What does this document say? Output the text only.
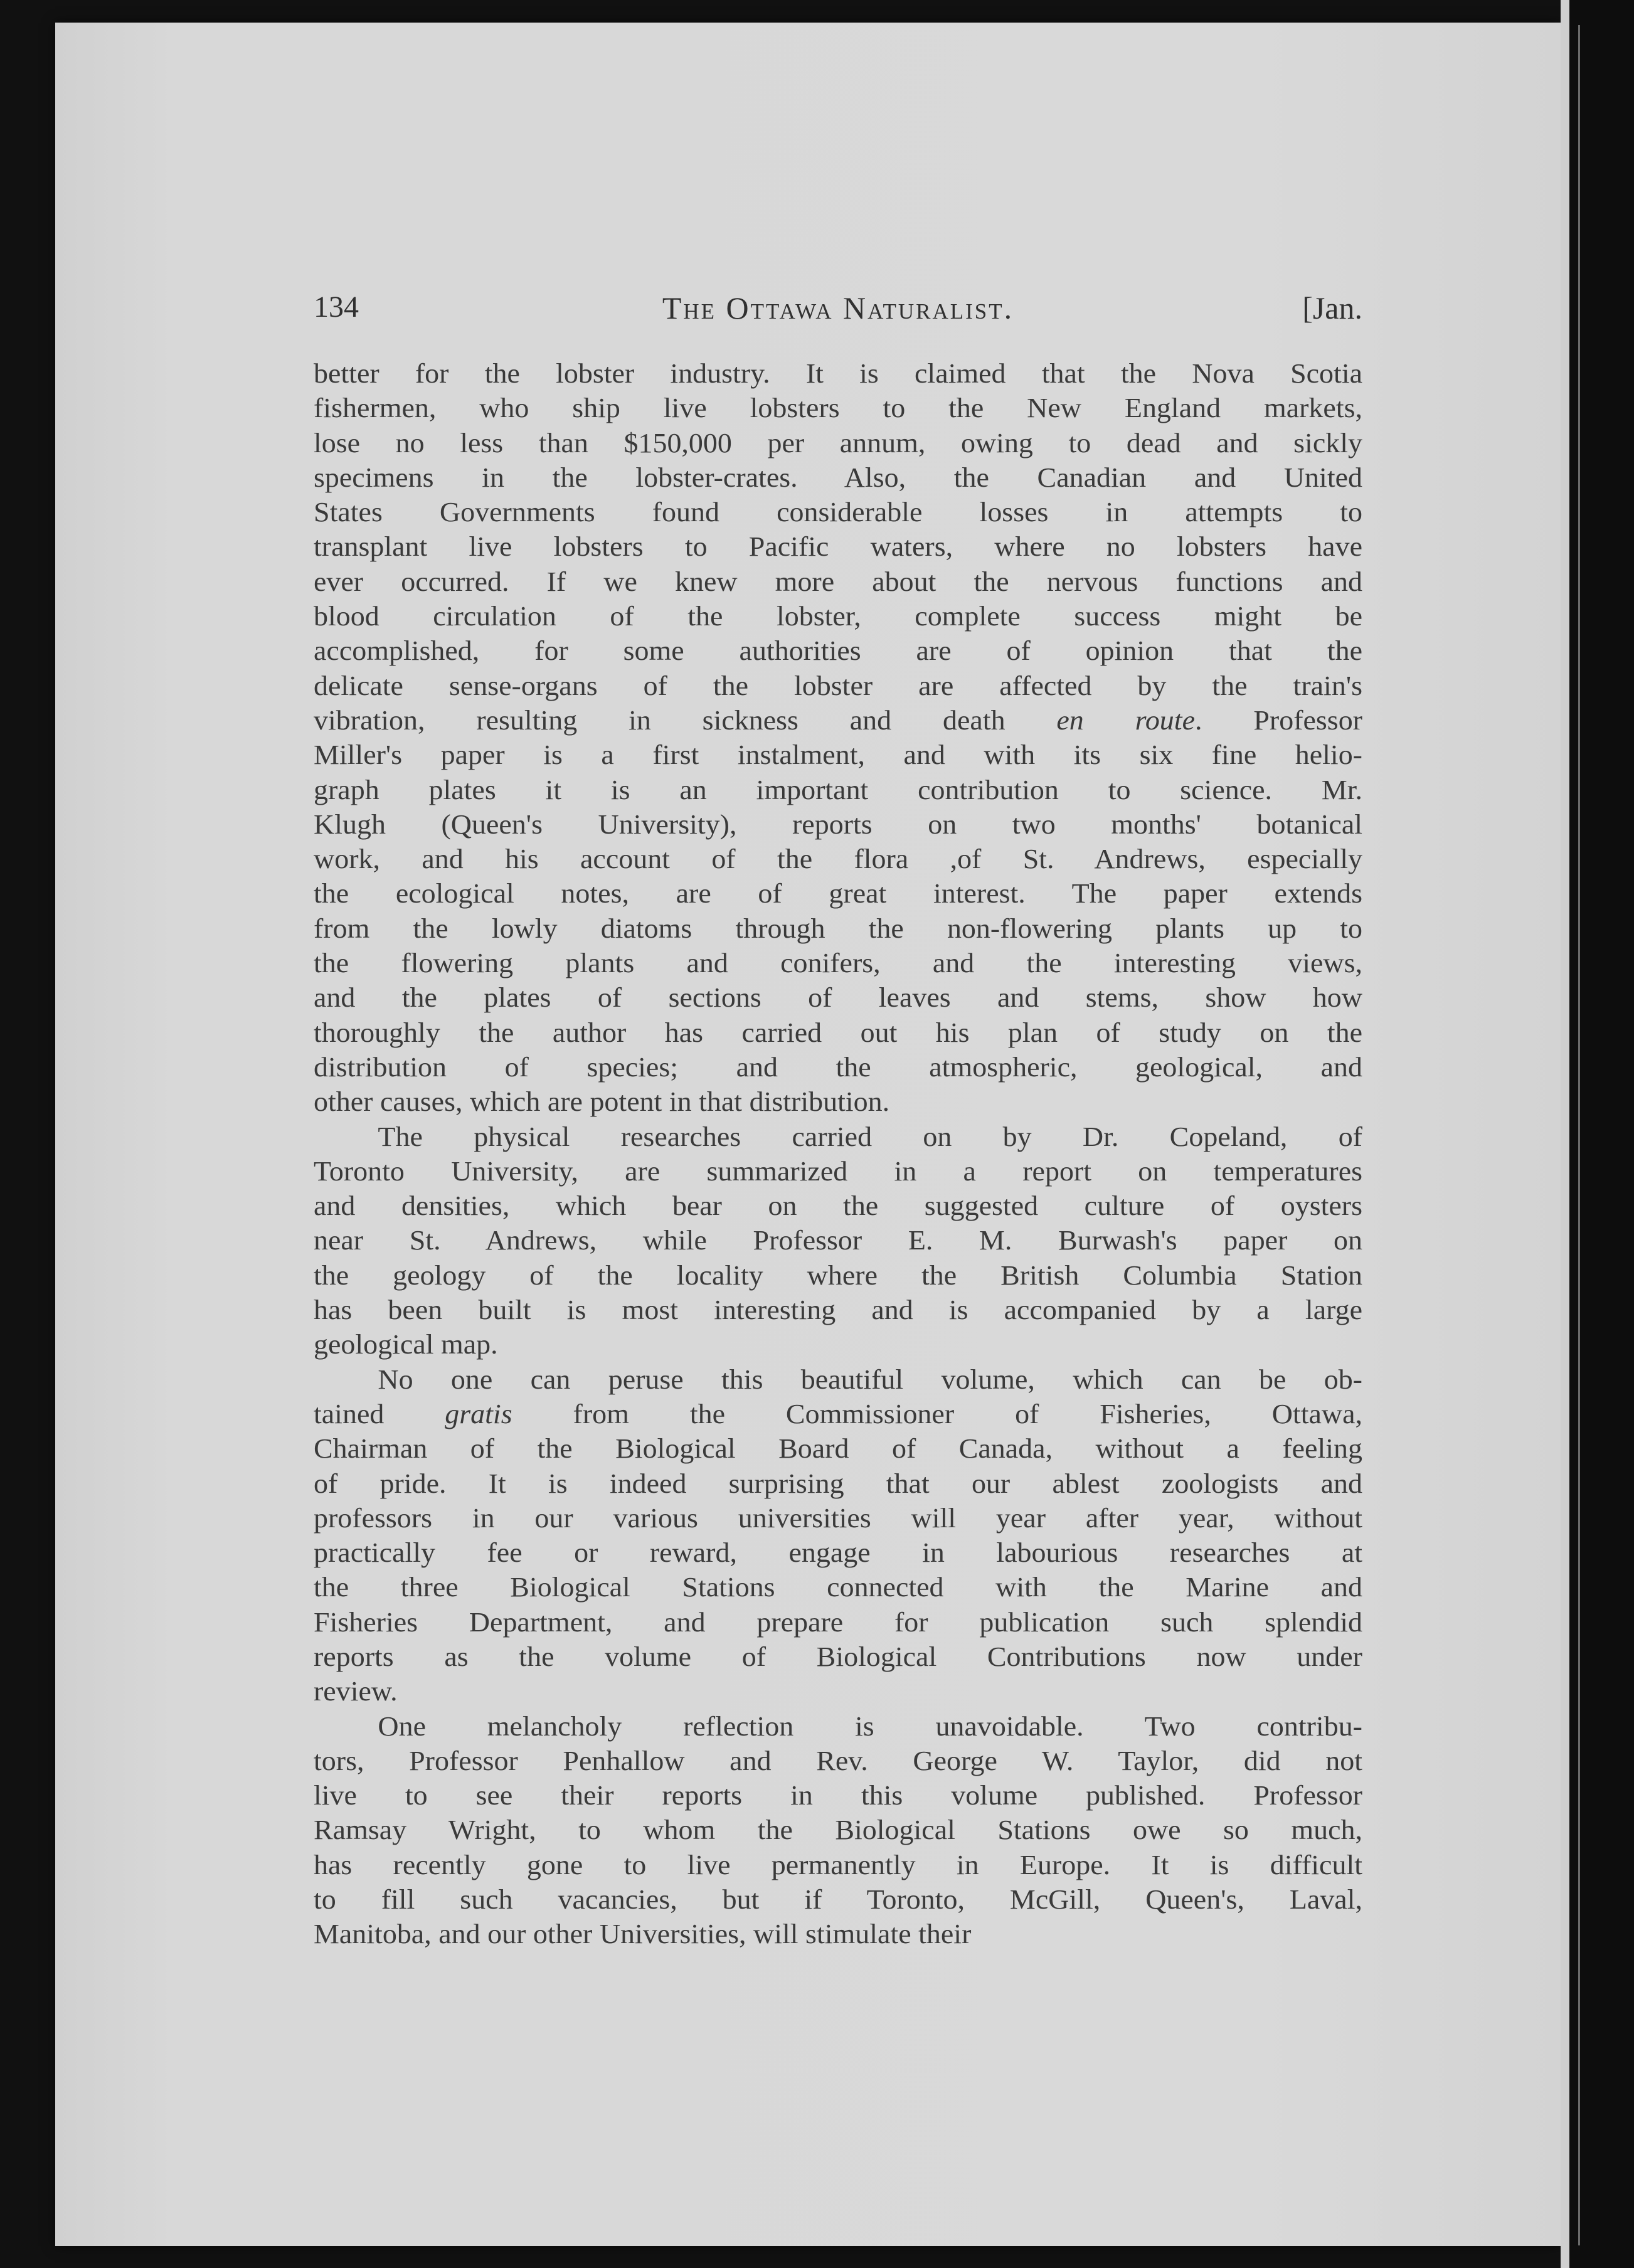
134	The Ottawa Naturalist.	[Jan.
better for the lobster industry. It is claimed that the Nova Scotia
fishermen, who ship live lobsters to the New England markets,
lose no less than $150,000 per annum, owing to dead and sickly
specimens in the lobster-crates. Also, the Canadian and United
States Governments found considerable losses in attempts to
transplant live lobsters to Pacific waters, where no lobsters have
ever occurred. If we knew more about the nervous functions and
blood circulation of the lobster, complete success might be
accomplished, for some authorities are of opinion that the
delicate sense-organs of the lobster are affected by the train's
vibration, resulting in sickness and death en route. Professor
Miller's paper is a first instalment, and with its six fine helio-
graph plates it is an important contribution to science. Mr.
Klugh (Queen's University), reports on two months' botanical
work, and his account of the flora ,of St. Andrews, especially
the ecological notes, are of great interest. The paper extends
from the lowly diatoms through the non-flowering plants up to
the flowering plants and conifers, and the interesting views,
and the plates of sections of leaves and stems, show how
thoroughly the author has carried out his plan of study on the
distribution of species; and the atmospheric, geological, and
other causes, which are potent in that distribution.
The physical researches carried on by Dr. Copeland, of
Toronto University, are summarized in a report on temperatures
and densities, which bear on the suggested culture of oysters
near St. Andrews, while Professor E. M. Burwash's paper on
the geology of the locality where the British Columbia Station
has been built is most interesting and is accompanied by a large
geological map.
No one can peruse this beautiful volume, which can be ob-
tained gratis from the Commissioner of Fisheries, Ottawa,
Chairman of the Biological Board of Canada, without a feeling
of pride. It is indeed surprising that our ablest zoologists and
professors in our various universities will year after year, without
practically fee or reward, engage in labourious researches at
the three Biological Stations connected with the Marine and
Fisheries Department, and prepare for publication such splendid
reports as the volume of Biological Contributions now under
review.
One melancholy reflection is unavoidable. Two contribu-
tors, Professor Penhallow and Rev. George W. Taylor, did not
live to see their reports in this volume published. Professor
Ramsay Wright, to whom the Biological Stations owe so much,
has recently gone to live permanently in Europe. It is difficult
to fill such vacancies, but if Toronto, McGill, Queen's, Laval,
Manitoba, and our other Universities, will stimulate their
